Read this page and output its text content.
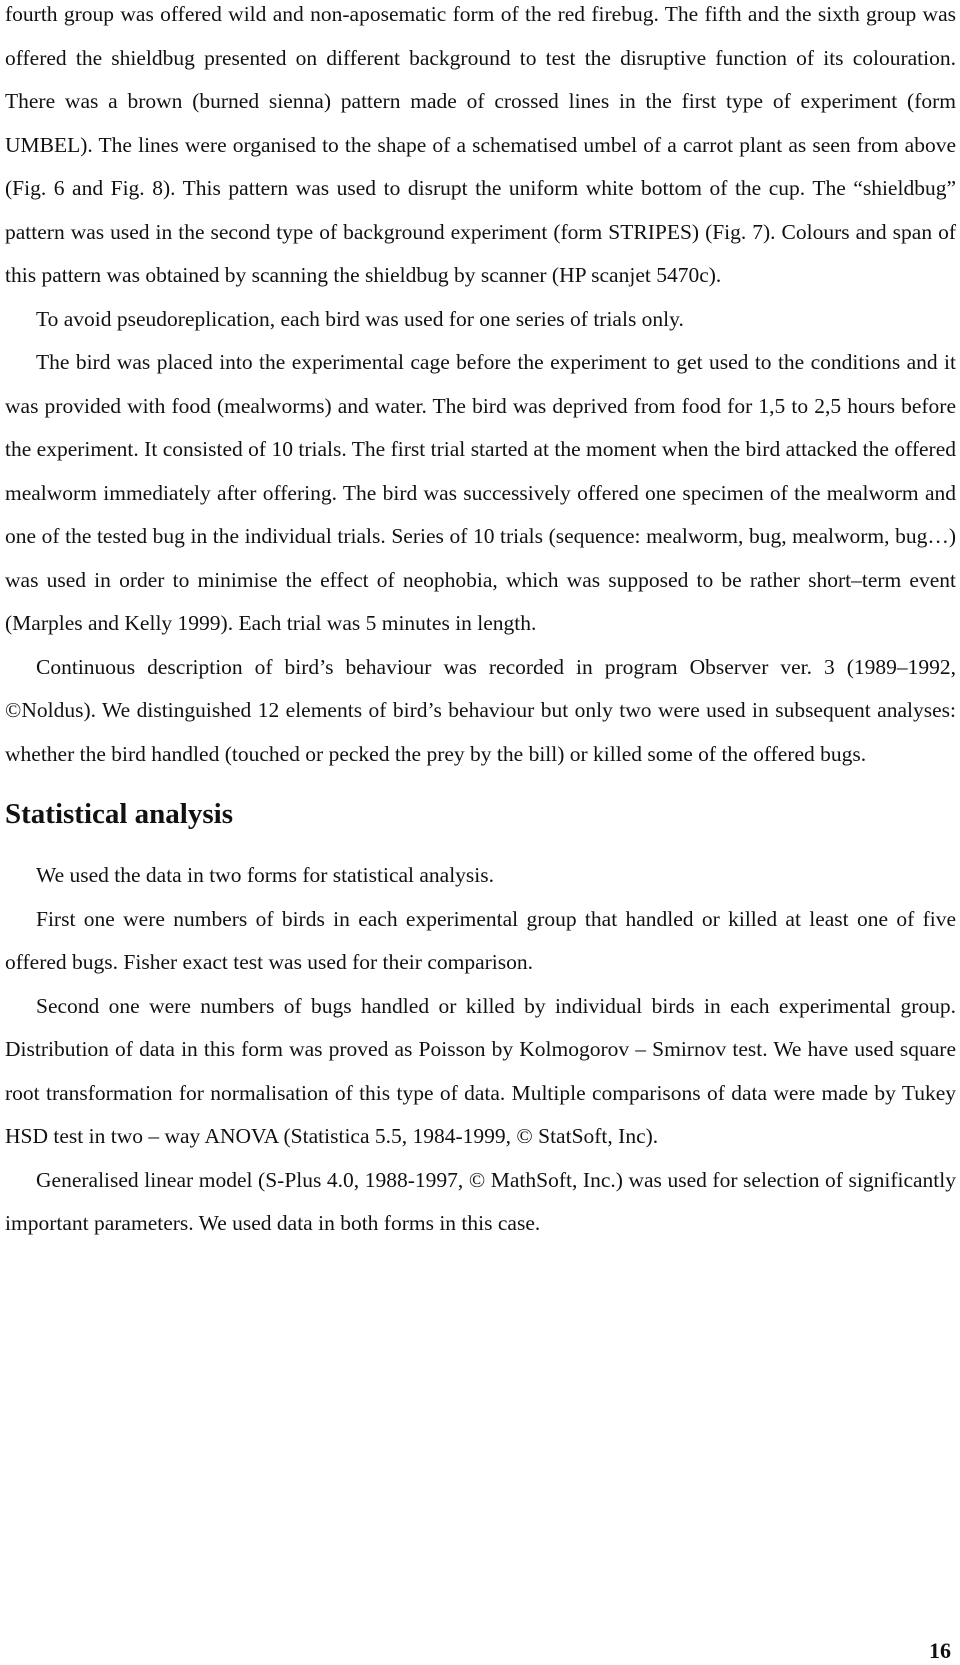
fourth group was offered wild and non-aposematic form of the red firebug. The fifth and the sixth group was offered the shieldbug presented on different background to test the disruptive function of its colouration. There was a brown (burned sienna) pattern made of crossed lines in the first type of experiment (form UMBEL). The lines were organised to the shape of a schematised umbel of a carrot plant as seen from above (Fig. 6 and Fig. 8). This pattern was used to disrupt the uniform white bottom of the cup. The “shieldbug” pattern was used in the second type of background experiment (form STRIPES) (Fig. 7). Colours and span of this pattern was obtained by scanning the shieldbug by scanner (HP scanjet 5470c).

To avoid pseudoreplication, each bird was used for one series of trials only.

The bird was placed into the experimental cage before the experiment to get used to the conditions and it was provided with food (mealworms) and water. The bird was deprived from food for 1,5 to 2,5 hours before the experiment. It consisted of 10 trials. The first trial started at the moment when the bird attacked the offered mealworm immediately after offering. The bird was successively offered one specimen of the mealworm and one of the tested bug in the individual trials. Series of 10 trials (sequence: mealworm, bug, mealworm, bug…) was used in order to minimise the effect of neophobia, which was supposed to be rather short–term event (Marples and Kelly 1999). Each trial was 5 minutes in length.

Continuous description of bird’s behaviour was recorded in program Observer ver. 3 (1989–1992, ©Noldus). We distinguished 12 elements of bird’s behaviour but only two were used in subsequent analyses: whether the bird handled (touched or pecked the prey by the bill) or killed some of the offered bugs.

Statistical analysis

We used the data in two forms for statistical analysis.

First one were numbers of birds in each experimental group that handled or killed at least one of five offered bugs. Fisher exact test was used for their comparison.

Second one were numbers of bugs handled or killed by individual birds in each experimental group. Distribution of data in this form was proved as Poisson by Kolmogorov – Smirnov test. We have used square root transformation for normalisation of this type of data. Multiple comparisons of data were made by Tukey HSD test in two – way ANOVA (Statistica 5.5, 1984-1999, © StatSoft, Inc).

Generalised linear model (S-Plus 4.0, 1988-1997, © MathSoft, Inc.) was used for selection of significantly important parameters. We used data in both forms in this case.

16
